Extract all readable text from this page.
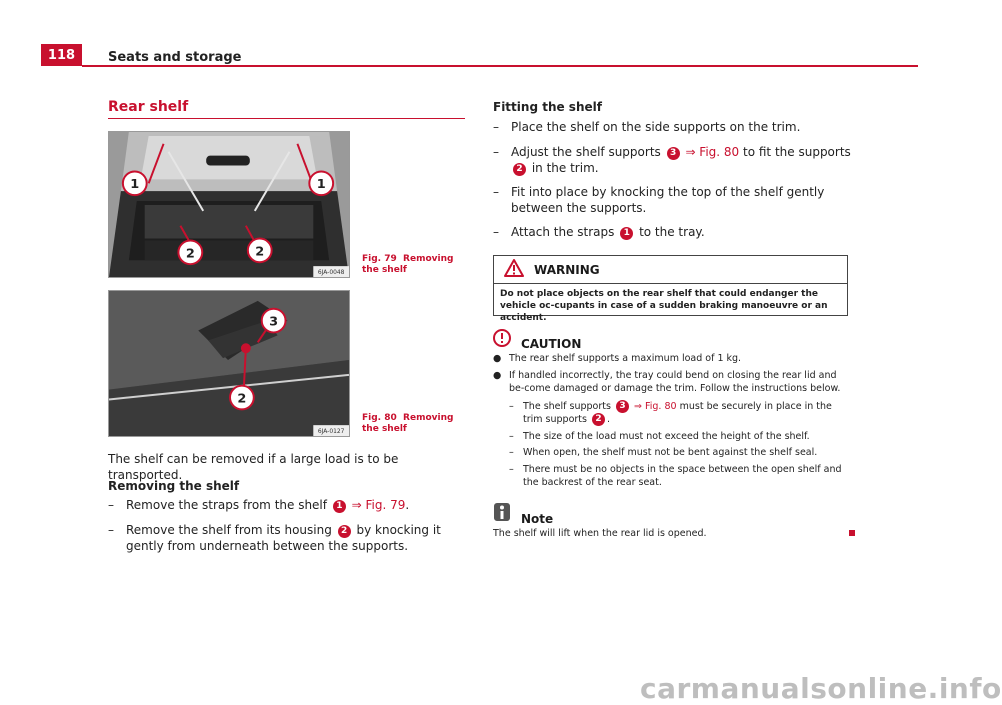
118	Seats and storage
Rear shelf
1	1
2	2
6JA-0048
Fig. 79 Removing the shelf
3
2
6JA-0127
Fig. 80 Removing the shelf
The shelf can be removed if a large load is to be transported.
Removing the shelf
–	Remove the straps from the shelf 1 ⇒ Fig. 79.
–	Remove the shelf from its housing 2 by knocking it gently from underneath between the supports.
Fitting the shelf
–	Place the shelf on the side supports on the trim.
–	Adjust the shelf supports 3 ⇒ Fig. 80 to fit the supports 2 in the trim.
–	Fit into place by knocking the top of the shelf gently between the supports.
–	Attach the straps 1 to the tray.
WARNING
Do not place objects on the rear shelf that could endanger the vehicle oc-cupants in case of a sudden braking manoeuvre or an accident.
CAUTION
● The rear shelf supports a maximum load of 1 kg.
● If handled incorrectly, the tray could bend on closing the rear lid and be-come damaged or damage the trim. Follow the instructions below.
– The shelf supports 3 ⇒ Fig. 80 must be securely in place in the trim supports 2 .
– The size of the load must not exceed the height of the shelf.
– When open, the shelf must not be bent against the shelf seal.
– There must be no objects in the space between the open shelf and the backrest of the rear seat.
Note
The shelf will lift when the rear lid is opened.
carmanualsonline.info
